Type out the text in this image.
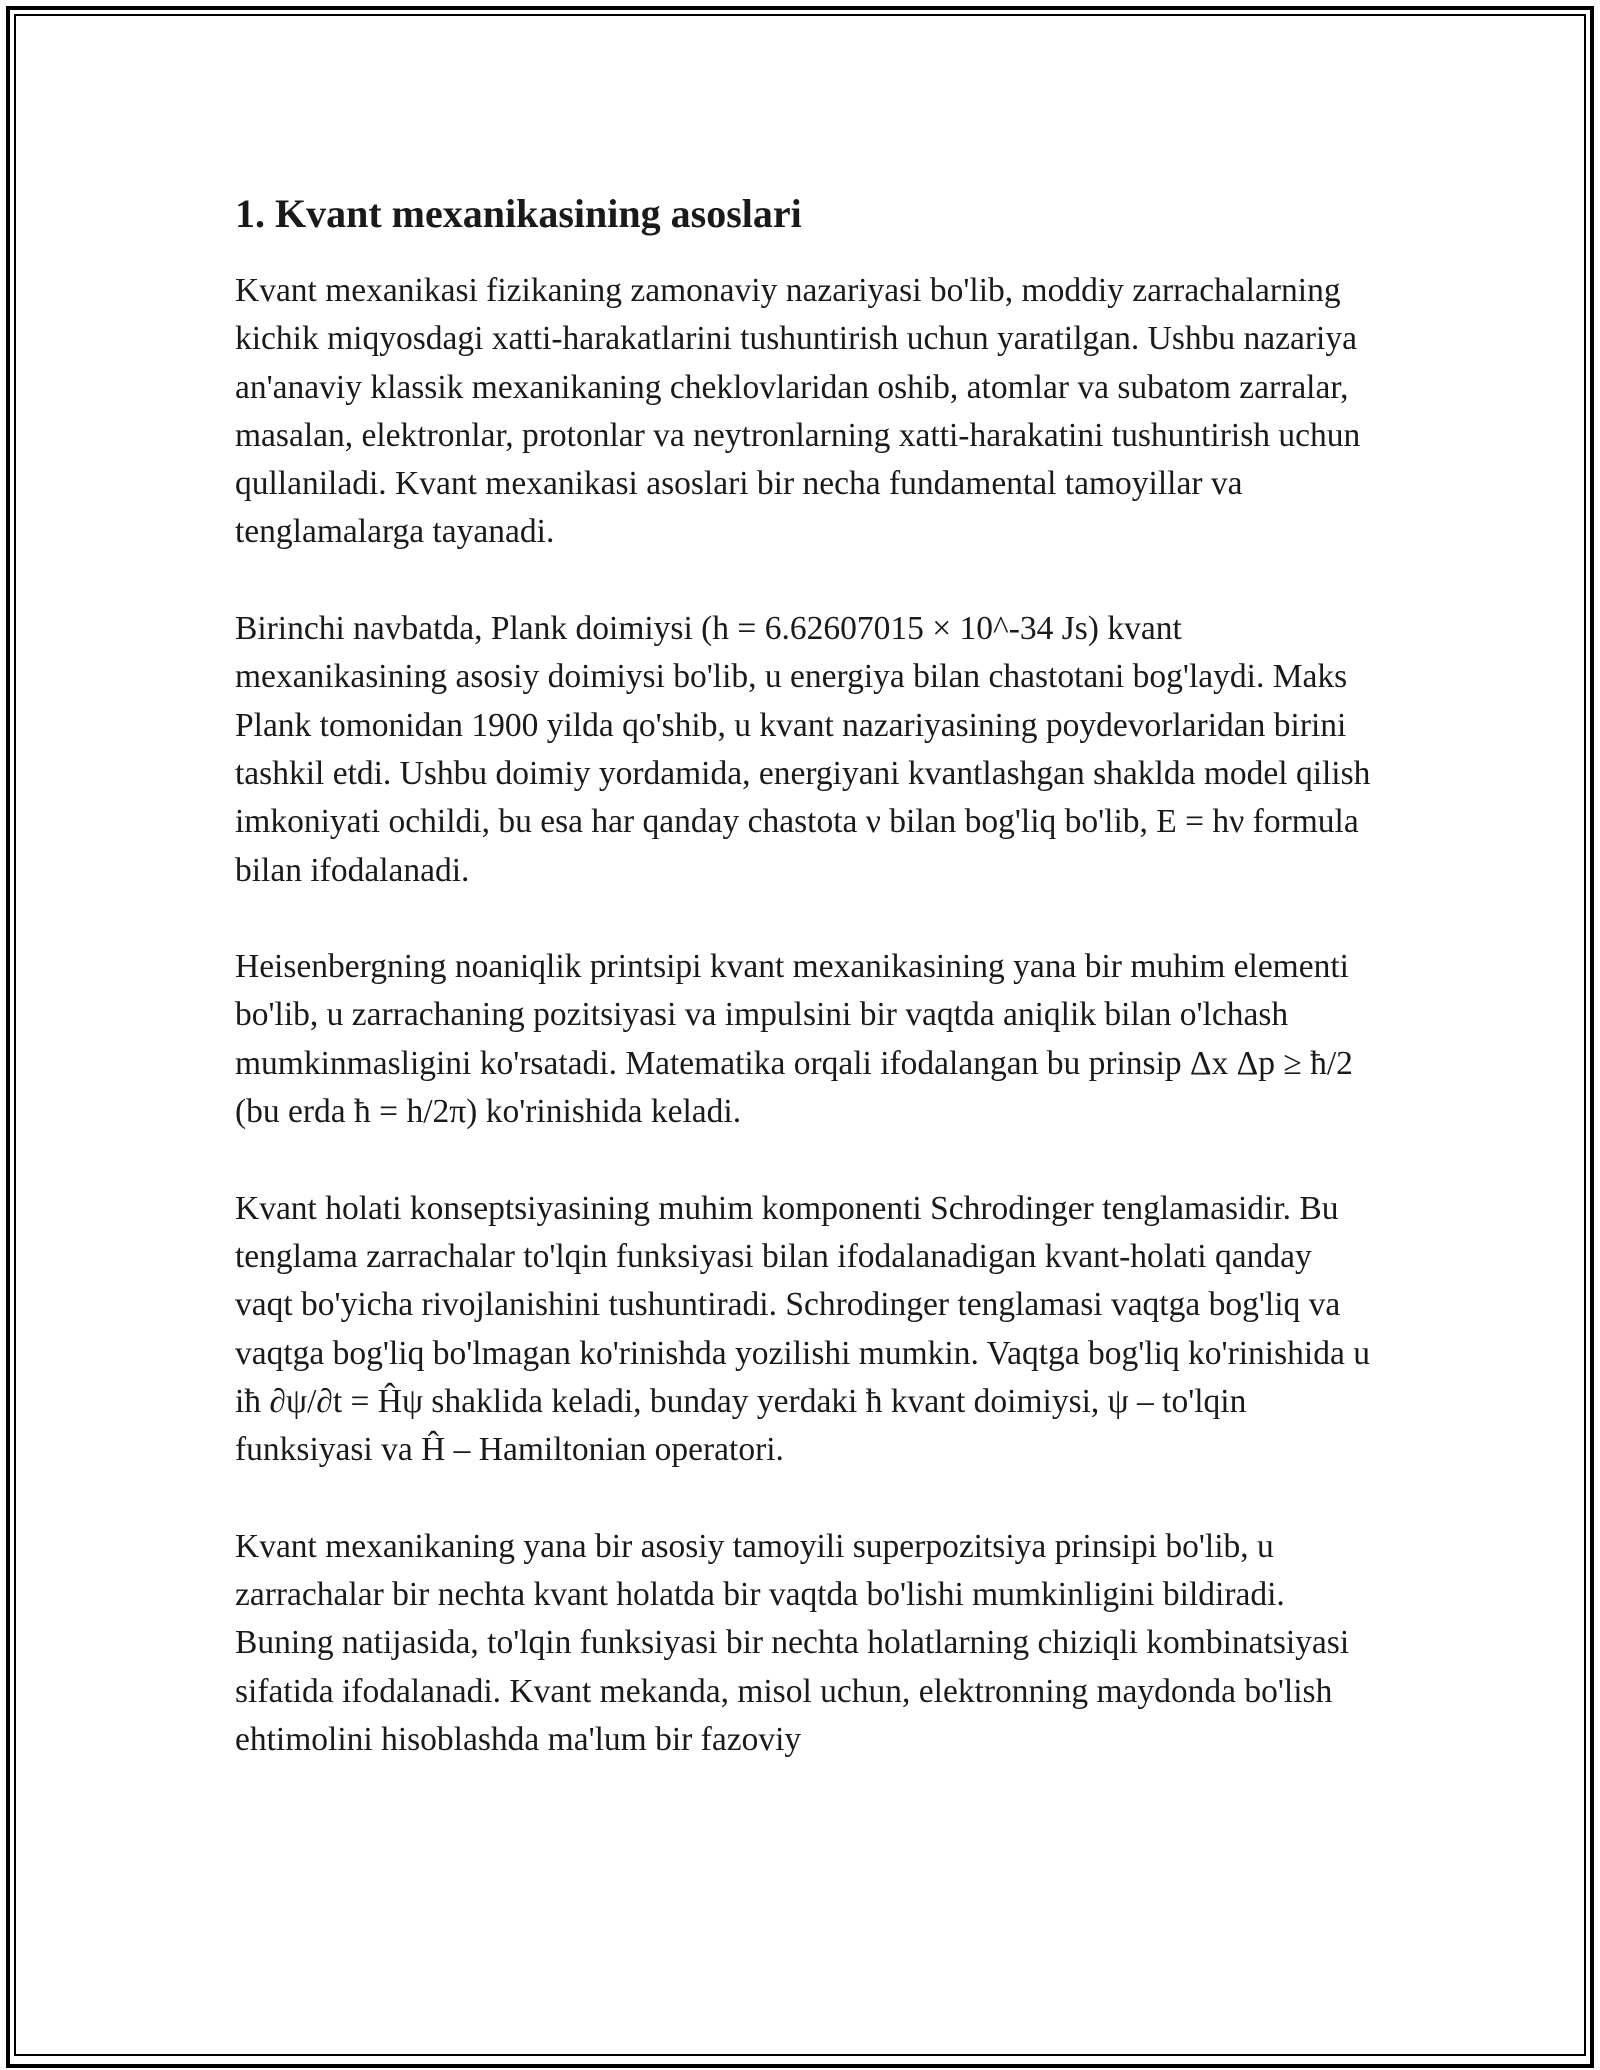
1. Kvant mexanikasining asoslari

Kvant mexanikasi fizikaning zamonaviy nazariyasi bo'lib, moddiy zarrachalarning kichik miqyosdagi xatti-harakatlarini tushuntirish uchun yaratilgan. Ushbu nazariya an'anaviy klassik mexanikaning cheklovlaridan oshib, atomlar va subatom zarralar, masalan, elektronlar, protonlar va neytronlarning xatti-harakatini tushuntirish uchun qullaniladi. Kvant mexanikasi asoslari bir necha fundamental tamoyillar va tenglamalarga tayanadi.

Birinchi navbatda, Plank doimiysi (h = 6.62607015 × 10^-34 Js) kvant mexanikasining asosiy doimiysi bo'lib, u energiya bilan chastotani bog'laydi. Maks Plank tomonidan 1900 yilda qo'shib, u kvant nazariyasining poydevorlaridan birini tashkil etdi. Ushbu doimiy yordamida, energiyani kvantlashgan shaklda model qilish imkoniyati ochildi, bu esa har qanday chastota ν bilan bog'liq bo'lib, E = hν formula bilan ifodalanadi.

Heisenbergning noaniqlik printsipi kvant mexanikasining yana bir muhim elementi bo'lib, u zarrachaning pozitsiyasi va impulsini bir vaqtda aniqlik bilan o'lchash mumkinmasligini ko'rsatadi. Matematika orqali ifodalangan bu prinsip Δx Δp ≥ ħ/2 (bu erda ħ = h/2π) ko'rinishida keladi.

Kvant holati konseptsiyasining muhim komponenti Schrodinger tenglamasidir. Bu tenglama zarrachalar to'lqin funksiyasi bilan ifodalanadigan kvant-holati qanday vaqt bo'yicha rivojlanishini tushuntiradi. Schrodinger tenglamasi vaqtga bog'liq va vaqtga bog'liq bo'lmagan ko'rinishda yozilishi mumkin. Vaqtga bog'liq ko'rinishida u iħ ∂ψ/∂t = Ĥψ shaklida keladi, bunday yerdaki ħ kvant doimiysi, ψ – to'lqin funksiyasi va Ĥ – Hamiltonian operatori.

Kvant mexanikaning yana bir asosiy tamoyili superpozitsiya prinsipi bo'lib, u zarrachalar bir nechta kvant holatda bir vaqtda bo'lishi mumkinligini bildiradi. Buning natijasida, to'lqin funksiyasi bir nechta holatlarning chiziqli kombinatsiyasi sifatida ifodalanadi. Kvant mekanda, misol uchun, elektronning maydonda bo'lish ehtimolini hisoblashda ma'lum bir fazoviy
